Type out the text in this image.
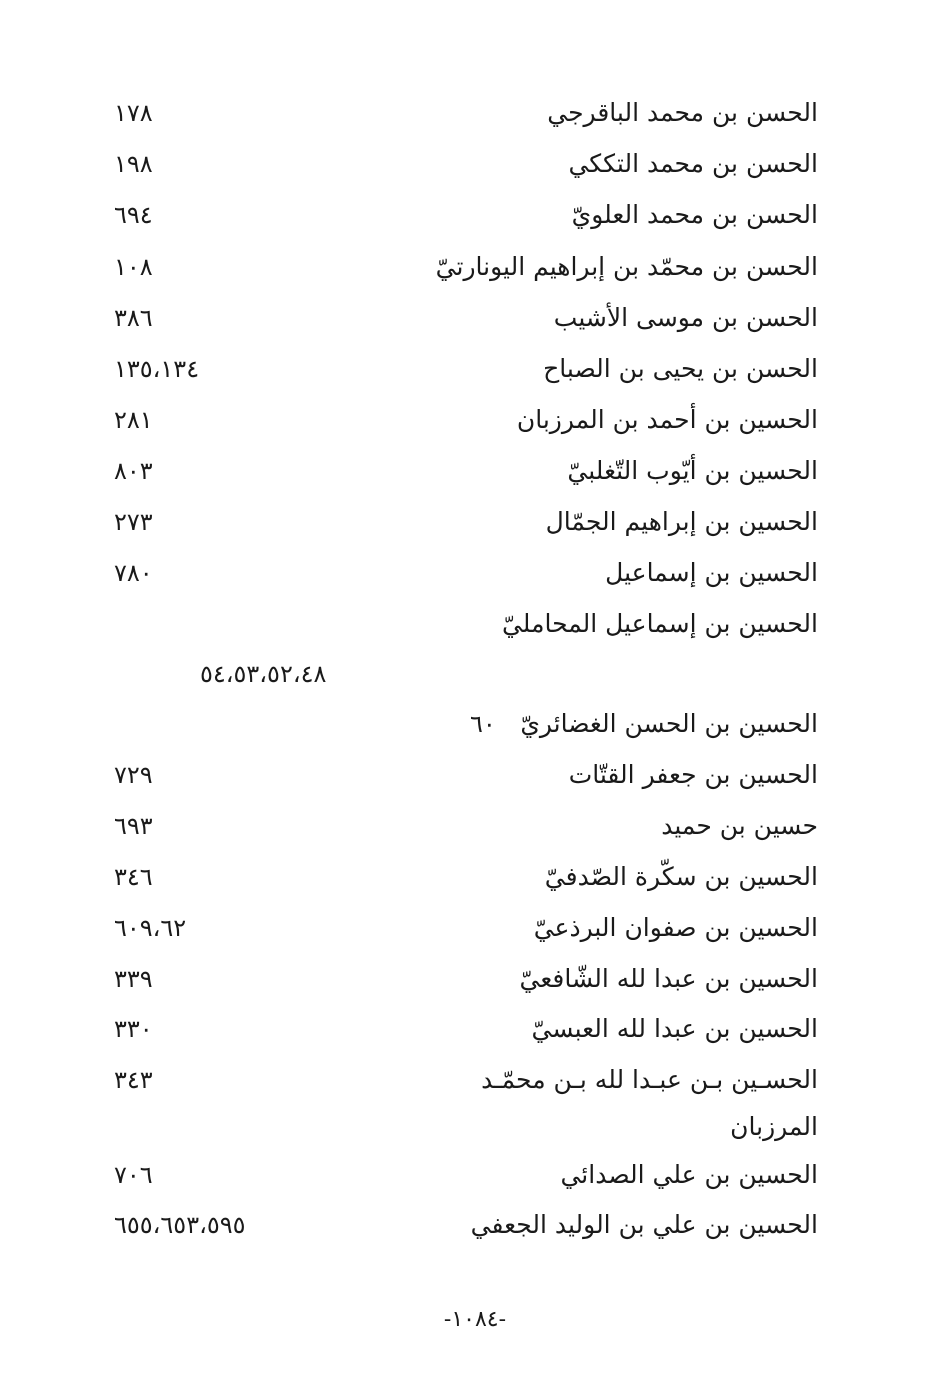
الحسن بن محمد الباقرجي
١٧٨
الحسن بن محمد التككي
١٩٨
الحسن بن محمد العلويّ
٦٩٤
الحسن بن محمّد بن إبراهيم اليونارتيّ
١٠٨
الحسن بن موسى الأشيب
٣٨٦
الحسن بن يحيى بن الصباح
١٣٥،١٣٤
الحسين بن أحمد بن المرزبان
٢٨١
الحسين بن أيّوب التّغلبيّ
٨٠٣
الحسين بن إبراهيم الجمّال
٢٧٣
الحسين بن إسماعيل
٧٨٠
الحسين بن إسماعيل المحامليّ
٥٤،٥٣،٥٢،٤٨
الحسين بن الحسن الغضائريّ
٦٠
الحسين بن جعفر القتّات
٧٢٩
حسين بن حميد
٦٩٣
الحسين بن سكّرة الصّدفيّ
٣٤٦
الحسين بن صفوان البرذعيّ
٦٠٩،٦٢
الحسين بن عبدا لله الشّافعيّ
٣٣٩
الحسين بن عبدا لله العبسيّ
٣٣٠
الحسـين بـن عبـدا لله بـن محمّـد
٣٤٣
المرزبان
الحسين بن علي الصدائي
٧٠٦
الحسين بن علي بن الوليد الجعفي
٦٥٥،٦٥٣،٥٩٥
-١٠٨٤-
